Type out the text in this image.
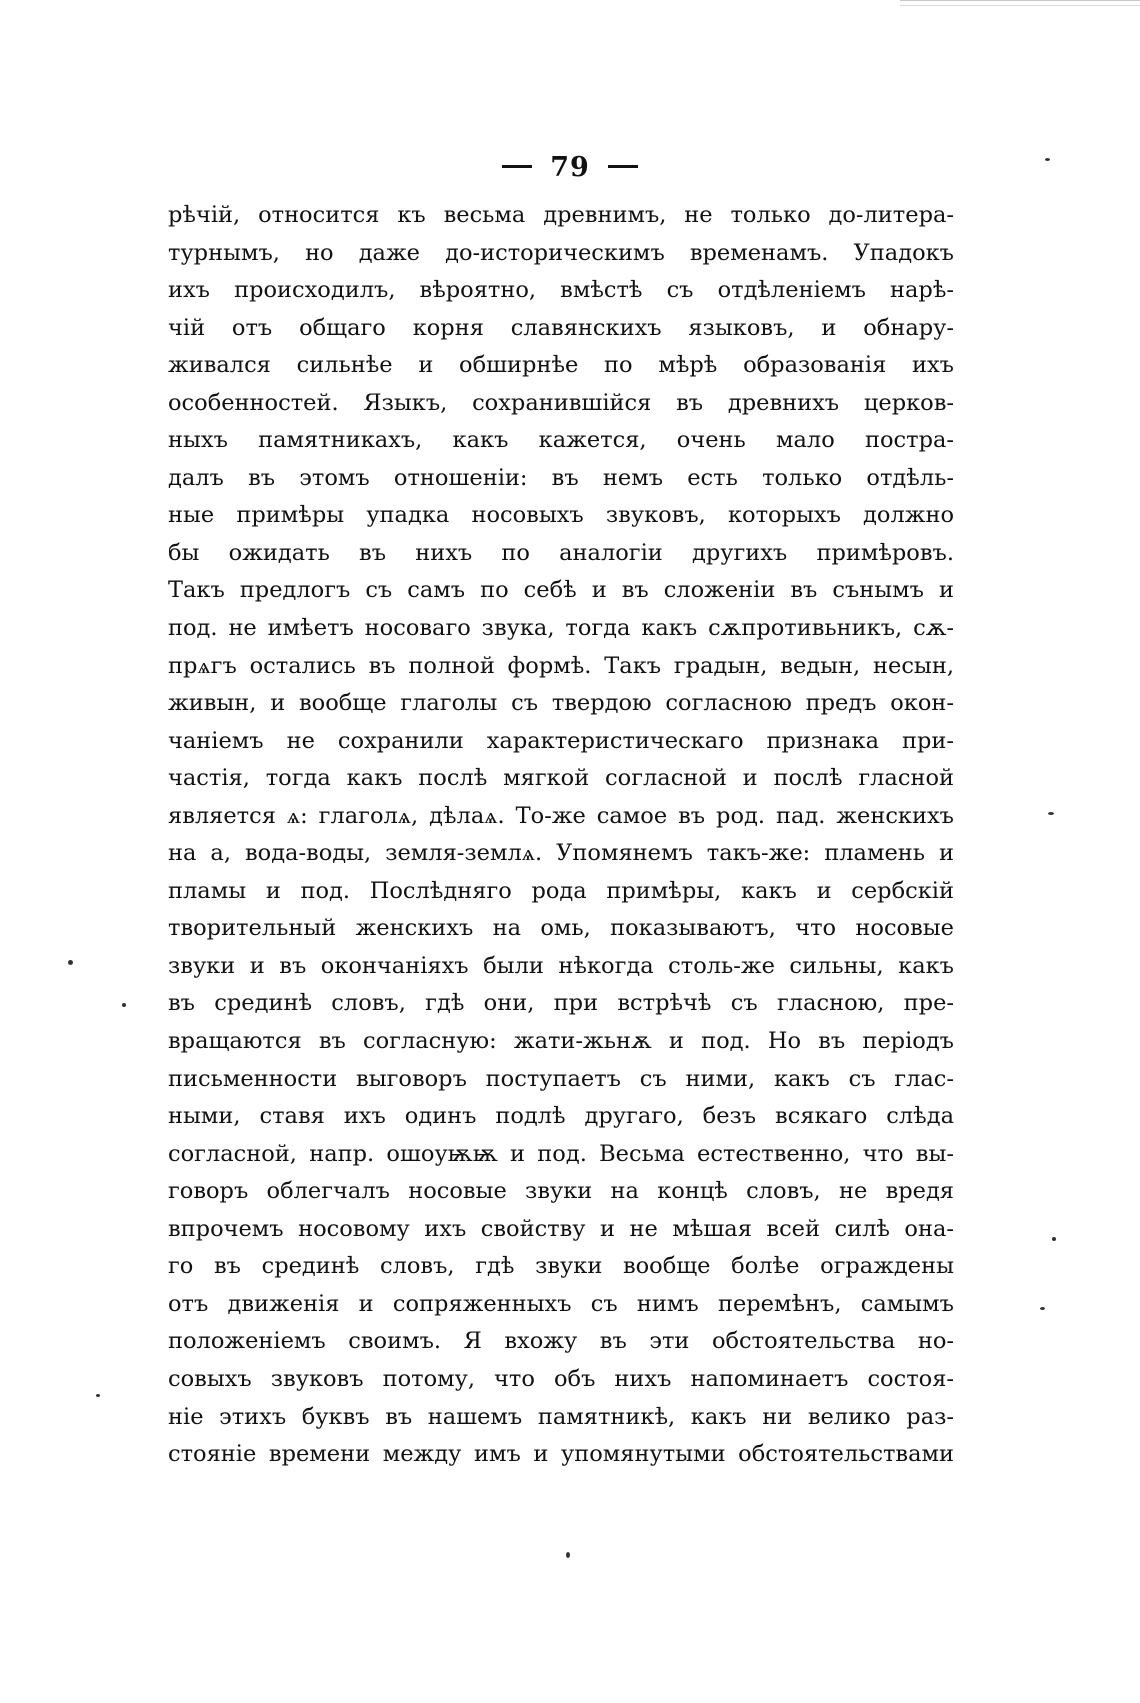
79
рѣчій, относится къ весьма древнимъ, не только до-литера-
турнымъ, но даже до-историческимъ временамъ. Упадокъ
ихъ происходилъ, вѣроятно, вмѣстѣ съ отдѣленіемъ нарѣ-
чій отъ общаго корня славянскихъ языковъ, и обнару-
живался сильнѣе и обширнѣе по мѣрѣ образованія ихъ
особенностей. Языкъ, сохранившійся въ древнихъ церков-
ныхъ памятникахъ, какъ кажется, очень мало постра-
далъ въ этомъ отношеніи: въ немъ есть только отдѣль-
ные примѣры упадка носовыхъ звуковъ, которыхъ должно
бы ожидать въ нихъ по аналогіи другихъ примѣровъ.
Такъ предлогъ съ самъ по себѣ и въ сложеніи въ сънымъ и
под. не имѣетъ носоваго звука, тогда какъ сѫпротивьникъ, сѫ-
прѧгъ остались въ полной формѣ. Такъ градын, ведын, несын,
живын, и вообще глаголы съ твердою согласною предъ окон-
чаніемъ не сохранили характеристическаго признака при-
частія, тогда какъ послѣ мягкой согласной и послѣ гласной
является ѧ: глаголѧ, дѣлаѧ. То-же самое въ род. пад. женскихъ
на а, вода-воды, земля-землѧ. Упомянемъ такъ-же: пламень и
пламы и под. Послѣдняго рода примѣры, какъ и сербскій
творительный женскихъ на омь, показываютъ, что носовые
звуки и въ окончаніяхъ были нѣкогда столь-же сильны, какъ
въ срединѣ словъ, гдѣ они, при встрѣчѣ съ гласною, пре-
вращаются въ согласную: жати-жьнѫ и под. Но въ періодъ
письменности выговоръ поступаетъ съ ними, какъ съ глас-
ными, ставя ихъ одинъ подлѣ другаго, безъ всякаго слѣда
согласной, напр. ошоуѭѭ и под. Весьма естественно, что вы-
говоръ облегчалъ носовые звуки на концѣ словъ, не вредя
впрочемъ носовому ихъ свойству и не мѣшая всей силѣ она-
го въ срединѣ словъ, гдѣ звуки вообще болѣе ограждены
отъ движенія и сопряженныхъ съ нимъ перемѣнъ, самымъ
положеніемъ своимъ. Я вхожу въ эти обстоятельства но-
совыхъ звуковъ потому, что объ нихъ напоминаетъ состоя-
ніе этихъ буквъ въ нашемъ памятникѣ, какъ ни велико раз-
стояніе времени между имъ и упомянутыми обстоятельствами
